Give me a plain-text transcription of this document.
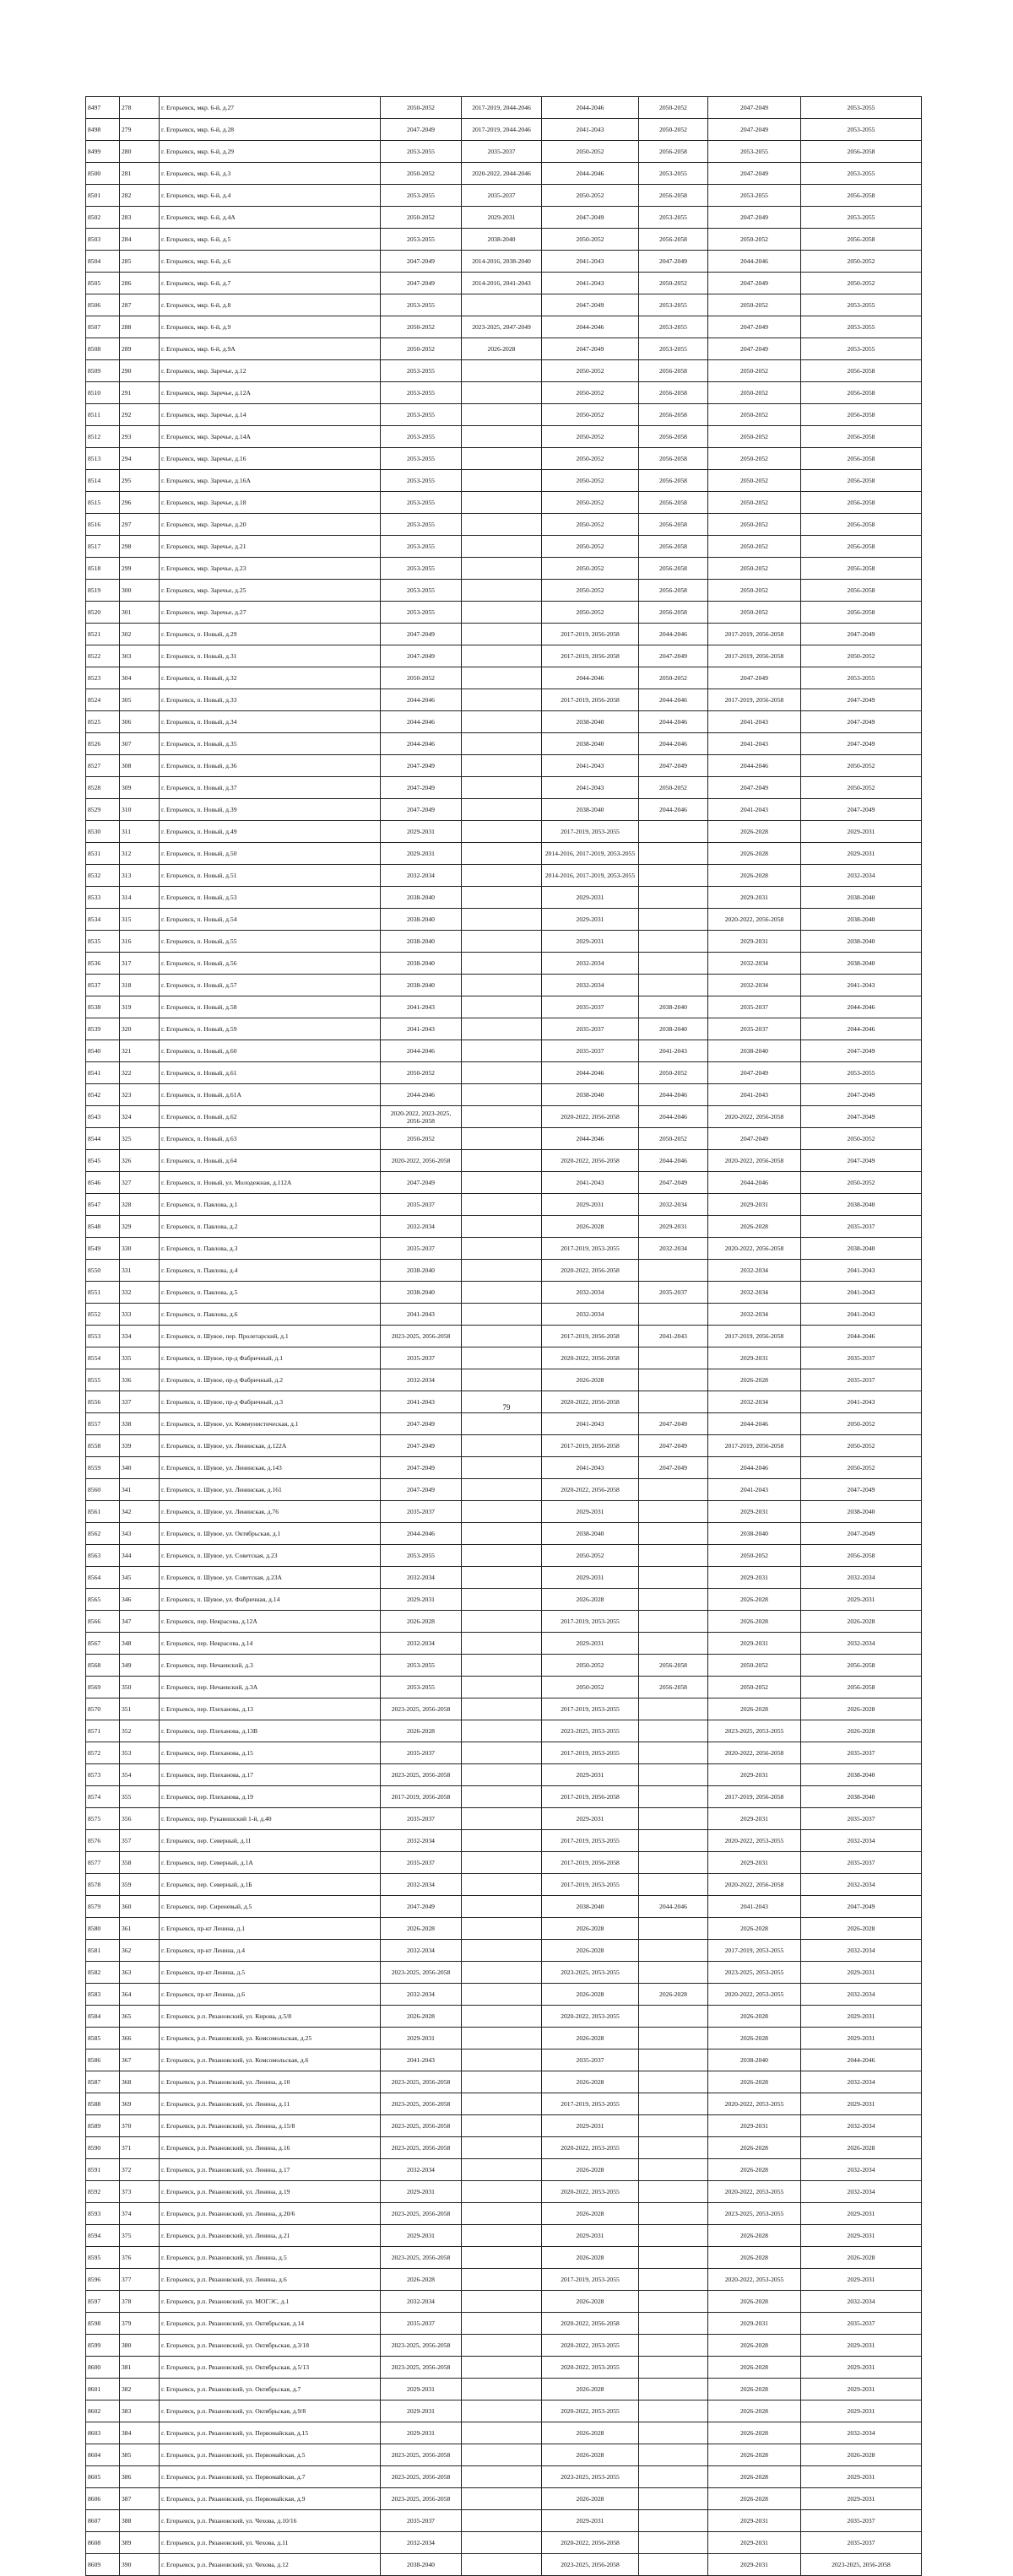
8497	278	г. Егорьевск, мкр. 6-й, д.27	2050-2052	2017-2019, 2044-2046	2044-2046	2050-2052	2047-2049	2053-2055
8498	279	г. Егорьевск, мкр. 6-й, д.28	2047-2049	2017-2019, 2044-2046	2041-2043	2050-2052	2047-2049	2053-2055
8499	280	г. Егорьевск, мкр. 6-й, д.29	2053-2055	2035-2037	2050-2052	2056-2058	2053-2055	2056-2058
8500	281	г. Егорьевск, мкр. 6-й, д.3	2050-2052	2020-2022, 2044-2046	2044-2046	2053-2055	2047-2049	2053-2055
8501	282	г. Егорьевск, мкр. 6-й, д.4	2053-2055	2035-2037	2050-2052	2056-2058	2053-2055	2056-2058
8502	283	г. Егорьевск, мкр. 6-й, д.4А	2050-2052	2029-2031	2047-2049	2053-2055	2047-2049	2053-2055
8503	284	г. Егорьевск, мкр. 6-й, д.5	2053-2055	2038-2040	2050-2052	2056-2058	2050-2052	2056-2058
8504	285	г. Егорьевск, мкр. 6-й, д.6	2047-2049	2014-2016, 2038-2040	2041-2043	2047-2049	2044-2046	2050-2052
8505	286	г. Егорьевск, мкр. 6-й, д.7	2047-2049	2014-2016, 2041-2043	2041-2043	2050-2052	2047-2049	2050-2052
8506	287	г. Егорьевск, мкр. 6-й, д.8	2053-2055		2047-2049	2053-2055	2050-2052	2053-2055
8507	288	г. Егорьевск, мкр. 6-й, д.9	2050-2052	2023-2025, 2047-2049	2044-2046	2053-2055	2047-2049	2053-2055
8508	289	г. Егорьевск, мкр. 6-й, д.9А	2050-2052	2026-2028	2047-2049	2053-2055	2047-2049	2053-2055
8509	290	г. Егорьевск, мкр. Заречье, д.12	2053-2055		2050-2052	2056-2058	2050-2052	2056-2058
8510	291	г. Егорьевск, мкр. Заречье, д.12А	2053-2055		2050-2052	2056-2058	2050-2052	2056-2058
8511	292	г. Егорьевск, мкр. Заречье, д.14	2053-2055		2050-2052	2056-2058	2050-2052	2056-2058
8512	293	г. Егорьевск, мкр. Заречье, д.14А	2053-2055		2050-2052	2056-2058	2050-2052	2056-2058
8513	294	г. Егорьевск, мкр. Заречье, д.16	2053-2055		2050-2052	2056-2058	2050-2052	2056-2058
8514	295	г. Егорьевск, мкр. Заречье, д.16А	2053-2055		2050-2052	2056-2058	2050-2052	2056-2058
8515	296	г. Егорьевск, мкр. Заречье, д.18	2053-2055		2050-2052	2056-2058	2050-2052	2056-2058
8516	297	г. Егорьевск, мкр. Заречье, д.20	2053-2055		2050-2052	2056-2058	2050-2052	2056-2058
8517	298	г. Егорьевск, мкр. Заречье, д.21	2053-2055		2050-2052	2056-2058	2050-2052	2056-2058
8518	299	г. Егорьевск, мкр. Заречье, д.23	2053-2055		2050-2052	2056-2058	2050-2052	2056-2058
8519	300	г. Егорьевск, мкр. Заречье, д.25	2053-2055		2050-2052	2056-2058	2050-2052	2056-2058
8520	301	г. Егорьевск, мкр. Заречье, д.27	2053-2055		2050-2052	2056-2058	2050-2052	2056-2058
8521	302	г. Егорьевск, п. Новый, д.29	2047-2049		2017-2019, 2056-2058	2044-2046	2017-2019, 2056-2058	2047-2049
8522	303	г. Егорьевск, п. Новый, д.31	2047-2049		2017-2019, 2056-2058	2047-2049	2017-2019, 2056-2058	2050-2052
8523	304	г. Егорьевск, п. Новый, д.32	2050-2052		2044-2046	2050-2052	2047-2049	2053-2055
8524	305	г. Егорьевск, п. Новый, д.33	2044-2046		2017-2019, 2056-2058	2044-2046	2017-2019, 2056-2058	2047-2049
8525	306	г. Егорьевск, п. Новый, д.34	2044-2046		2038-2040	2044-2046	2041-2043	2047-2049
8526	307	г. Егорьевск, п. Новый, д.35	2044-2046		2038-2040	2044-2046	2041-2043	2047-2049
8527	308	г. Егорьевск, п. Новый, д.36	2047-2049		2041-2043	2047-2049	2044-2046	2050-2052
8528	309	г. Егорьевск, п. Новый, д.37	2047-2049		2041-2043	2050-2052	2047-2049	2050-2052
8529	310	г. Егорьевск, п. Новый, д.39	2047-2049		2038-2040	2044-2046	2041-2043	2047-2049
8530	311	г. Егорьевск, п. Новый, д.49	2029-2031		2017-2019, 2053-2055		2026-2028	2029-2031
8531	312	г. Егорьевск, п. Новый, д.50	2029-2031		2014-2016, 2017-2019, 2053-2055		2026-2028	2029-2031
8532	313	г. Егорьевск, п. Новый, д.51	2032-2034		2014-2016, 2017-2019, 2053-2055		2026-2028	2032-2034
8533	314	г. Егорьевск, п. Новый, д.53	2038-2040		2029-2031		2029-2031	2038-2040
8534	315	г. Егорьевск, п. Новый, д.54	2038-2040		2029-2031		2020-2022, 2056-2058	2038-2040
8535	316	г. Егорьевск, п. Новый, д.55	2038-2040		2029-2031		2029-2031	2038-2040
8536	317	г. Егорьевск, п. Новый, д.56	2038-2040		2032-2034		2032-2034	2038-2040
8537	318	г. Егорьевск, п. Новый, д.57	2038-2040		2032-2034		2032-2034	2041-2043
8538	319	г. Егорьевск, п. Новый, д.58	2041-2043		2035-2037	2038-2040	2035-2037	2044-2046
8539	320	г. Егорьевск, п. Новый, д.59	2041-2043		2035-2037	2038-2040	2035-2037	2044-2046
8540	321	г. Егорьевск, п. Новый, д.60	2044-2046		2035-2037	2041-2043	2038-2040	2047-2049
8541	322	г. Егорьевск, п. Новый, д.61	2050-2052		2044-2046	2050-2052	2047-2049	2053-2055
8542	323	г. Егорьевск, п. Новый, д.61А	2044-2046		2038-2040	2044-2046	2041-2043	2047-2049
8543	324	г. Егорьевск, п. Новый, д.62	2020-2022, 2023-2025, 2056-2058		2020-2022, 2056-2058	2044-2046	2020-2022, 2056-2058	2047-2049
8544	325	г. Егорьевск, п. Новый, д.63	2050-2052		2044-2046	2050-2052	2047-2049	2050-2052
8545	326	г. Егорьевск, п. Новый, д.64	2020-2022, 2056-2058		2020-2022, 2056-2058	2044-2046	2020-2022, 2056-2058	2047-2049
8546	327	г. Егорьевск, п. Новый, ул. Молодежная, д.112А	2047-2049		2041-2043	2047-2049	2044-2046	2050-2052
8547	328	г. Егорьевск, п. Павлова, д.1	2035-2037		2029-2031	2032-2034	2029-2031	2038-2040
8548	329	г. Егорьевск, п. Павлова, д.2	2032-2034		2026-2028	2029-2031	2026-2028	2035-2037
8549	330	г. Егорьевск, п. Павлова, д.3	2035-2037		2017-2019, 2053-2055	2032-2034	2020-2022, 2056-2058	2038-2040
8550	331	г. Егорьевск, п. Павлова, д.4	2038-2040		2020-2022, 2056-2058		2032-2034	2041-2043
8551	332	г. Егорьевск, п. Павлова, д.5	2038-2040		2032-2034	2035-2037	2032-2034	2041-2043
8552	333	г. Егорьевск, п. Павлова, д.6	2041-2043		2032-2034		2032-2034	2041-2043
8553	334	г. Егорьевск, п. Шувое, пер. Пролетарский, д.1	2023-2025, 2056-2058		2017-2019, 2056-2058	2041-2043	2017-2019, 2056-2058	2044-2046
8554	335	г. Егорьевск, п. Шувое, пр-д Фабричный, д.1	2035-2037		2020-2022, 2056-2058		2029-2031	2035-2037
8555	336	г. Егорьевск, п. Шувое, пр-д Фабричный, д.2	2032-2034		2026-2028		2026-2028	2035-2037
8556	337	г. Егорьевск, п. Шувое, пр-д Фабричный, д.3	2041-2043		2020-2022, 2056-2058		2032-2034	2041-2043
8557	338	г. Егорьевск, п. Шувое, ул. Коммунистическая, д.1	2047-2049		2041-2043	2047-2049	2044-2046	2050-2052
8558	339	г. Егорьевск, п. Шувое, ул. Ленинская, д.122А	2047-2049		2017-2019, 2056-2058	2047-2049	2017-2019, 2056-2058	2050-2052
8559	340	г. Егорьевск, п. Шувое, ул. Ленинская, д.143	2047-2049		2041-2043	2047-2049	2044-2046	2050-2052
8560	341	г. Егорьевск, п. Шувое, ул. Ленинская, д.161	2047-2049		2020-2022, 2056-2058		2041-2043	2047-2049
8561	342	г. Егорьевск, п. Шувое, ул. Ленинская, д.76	2035-2037		2029-2031		2029-2031	2038-2040
8562	343	г. Егорьевск, п. Шувое, ул. Октябрьская, д.1	2044-2046		2038-2040		2038-2040	2047-2049
8563	344	г. Егорьевск, п. Шувое, ул. Советская, д.23	2053-2055		2050-2052		2050-2052	2056-2058
8564	345	г. Егорьевск, п. Шувое, ул. Советская, д.23А	2032-2034		2029-2031		2029-2031	2032-2034
8565	346	г. Егорьевск, п. Шувое, ул. Фабричная, д.14	2029-2031		2026-2028		2026-2028	2029-2031
8566	347	г. Егорьевск, пер. Некрасова, д.12А	2026-2028		2017-2019, 2053-2055		2026-2028	2026-2028
8567	348	г. Егорьевск, пер. Некрасова, д.14	2032-2034		2029-2031		2029-2031	2032-2034
8568	349	г. Егорьевск, пер. Нечаевский, д.3	2053-2055		2050-2052	2056-2058	2050-2052	2056-2058
8569	350	г. Егорьевск, пер. Нечаевский, д.3А	2053-2055		2050-2052	2056-2058	2050-2052	2056-2058
8570	351	г. Егорьевск, пер. Плеханова, д.13	2023-2025, 2056-2058		2017-2019, 2053-2055		2026-2028	2026-2028
8571	352	г. Егорьевск, пер. Плеханова, д.13В	2026-2028		2023-2025, 2053-2055		2023-2025, 2053-2055	2026-2028
8572	353	г. Егорьевск, пер. Плеханова, д.15	2035-2037		2017-2019, 2053-2055		2020-2022, 2056-2058	2035-2037
8573	354	г. Егорьевск, пер. Плеханова, д.17	2023-2025, 2056-2058		2029-2031		2029-2031	2038-2040
8574	355	г. Егорьевск, пер. Плеханова, д.19	2017-2019, 2056-2058		2017-2019, 2056-2058		2017-2019, 2056-2058	2038-2040
8575	356	г. Егорьевск, пер. Рукавишский 1-й, д.40	2035-2037		2029-2031		2029-2031	2035-2037
8576	357	г. Егорьевск, пер. Северный, д.1I	2032-2034		2017-2019, 2053-2055		2020-2022, 2053-2055	2032-2034
8577	358	г. Егорьевск, пер. Северный, д.1А	2035-2037		2017-2019, 2056-2058		2029-2031	2035-2037
8578	359	г. Егорьевск, пер. Северный, д.1Б	2032-2034		2017-2019, 2053-2055		2020-2022, 2056-2058	2032-2034
8579	360	г. Егорьевск, пер. Сиреневый, д.5	2047-2049		2038-2040	2044-2046	2041-2043	2047-2049
8580	361	г. Егорьевск, пр-кт Ленина, д.1	2026-2028		2026-2028		2026-2028	2026-2028
8581	362	г. Егорьевск, пр-кт Ленина, д.4	2032-2034		2026-2028		2017-2019, 2053-2055	2032-2034
8582	363	г. Егорьевск, пр-кт Ленина, д.5	2023-2025, 2056-2058		2023-2025, 2053-2055		2023-2025, 2053-2055	2029-2031
8583	364	г. Егорьевск, пр-кт Ленина, д.6	2032-2034		2026-2028	2026-2028	2020-2022, 2053-2055	2032-2034
8584	365	г. Егорьевск, р.п. Рязановский, ул. Кирова, д.5/8	2026-2028		2020-2022, 2053-2055		2026-2028	2029-2031
8585	366	г. Егорьевск, р.п. Рязановский, ул. Комсомольская, д.25	2029-2031		2026-2028		2026-2028	2029-2031
8586	367	г. Егорьевск, р.п. Рязановский, ул. Комсомольская, д.6	2041-2043		2035-2037		2038-2040	2044-2046
8587	368	г. Егорьевск, р.п. Рязановский, ул. Ленина, д.10	2023-2025, 2056-2058		2026-2028		2026-2028	2032-2034
8588	369	г. Егорьевск, р.п. Рязановский, ул. Ленина, д.11	2023-2025, 2056-2058		2017-2019, 2053-2055		2020-2022, 2053-2055	2029-2031
8589	370	г. Егорьевск, р.п. Рязановский, ул. Ленина, д.15/8	2023-2025, 2056-2058		2029-2031		2029-2031	2032-2034
8590	371	г. Егорьевск, р.п. Рязановский, ул. Ленина, д.16	2023-2025, 2056-2058		2020-2022, 2053-2055		2026-2028	2026-2028
8591	372	г. Егорьевск, р.п. Рязановский, ул. Ленина, д.17	2032-2034		2026-2028		2026-2028	2032-2034
8592	373	г. Егорьевск, р.п. Рязановский, ул. Ленина, д.19	2029-2031		2020-2022, 2053-2055		2020-2022, 2053-2055	2032-2034
8593	374	г. Егорьевск, р.п. Рязановский, ул. Ленина, д.20/6	2023-2025, 2056-2058		2026-2028		2023-2025, 2053-2055	2029-2031
8594	375	г. Егорьевск, р.п. Рязановский, ул. Ленина, д.21	2029-2031		2029-2031		2026-2028	2029-2031
8595	376	г. Егорьевск, р.п. Рязановский, ул. Ленина, д.5	2023-2025, 2056-2058		2026-2028		2026-2028	2026-2028
8596	377	г. Егорьевск, р.п. Рязановский, ул. Ленина, д.6	2026-2028		2017-2019, 2053-2055		2020-2022, 2053-2055	2029-2031
8597	378	г. Егорьевск, р.п. Рязановский, ул. МОГЭС, д.1	2032-2034		2026-2028		2026-2028	2032-2034
8598	379	г. Егорьевск, р.п. Рязановский, ул. Октябрьская, д.14	2035-2037		2020-2022, 2056-2058		2029-2031	2035-2037
8599	380	г. Егорьевск, р.п. Рязановский, ул. Октябрьская, д.3/18	2023-2025, 2056-2058		2020-2022, 2053-2055		2026-2028	2029-2031
8600	381	г. Егорьевск, р.п. Рязановский, ул. Октябрьская, д.5/13	2023-2025, 2056-2058		2020-2022, 2053-2055		2026-2028	2029-2031
8601	382	г. Егорьевск, р.п. Рязановский, ул. Октябрьская, д.7	2029-2031		2026-2028		2026-2028	2029-2031
8602	383	г. Егорьевск, р.п. Рязановский, ул. Октябрьская, д.9/8	2029-2031		2020-2022, 2053-2055		2026-2028	2029-2031
8603	384	г. Егорьевск, р.п. Рязановский, ул. Первомайская, д.15	2029-2031		2026-2028		2026-2028	2032-2034
8604	385	г. Егорьевск, р.п. Рязановский, ул. Первомайская, д.5	2023-2025, 2056-2058		2026-2028		2026-2028	2026-2028
8605	386	г. Егорьевск, р.п. Рязановский, ул. Первомайская, д.7	2023-2025, 2056-2058		2023-2025, 2053-2055		2026-2028	2029-2031
8606	387	г. Егорьевск, р.п. Рязановский, ул. Первомайская, д.9	2023-2025, 2056-2058		2026-2028		2026-2028	2029-2031
8607	388	г. Егорьевск, р.п. Рязановский, ул. Чехова, д.10/16	2035-2037		2029-2031		2029-2031	2035-2037
8608	389	г. Егорьевск, р.п. Рязановский, ул. Чехова, д.11	2032-2034		2020-2022, 2056-2058		2029-2031	2035-2037
8609	390	г. Егорьевск, р.п. Рязановский, ул. Чехова, д.12	2038-2040		2023-2025, 2056-2058		2029-2031	2023-2025, 2056-2058
79
